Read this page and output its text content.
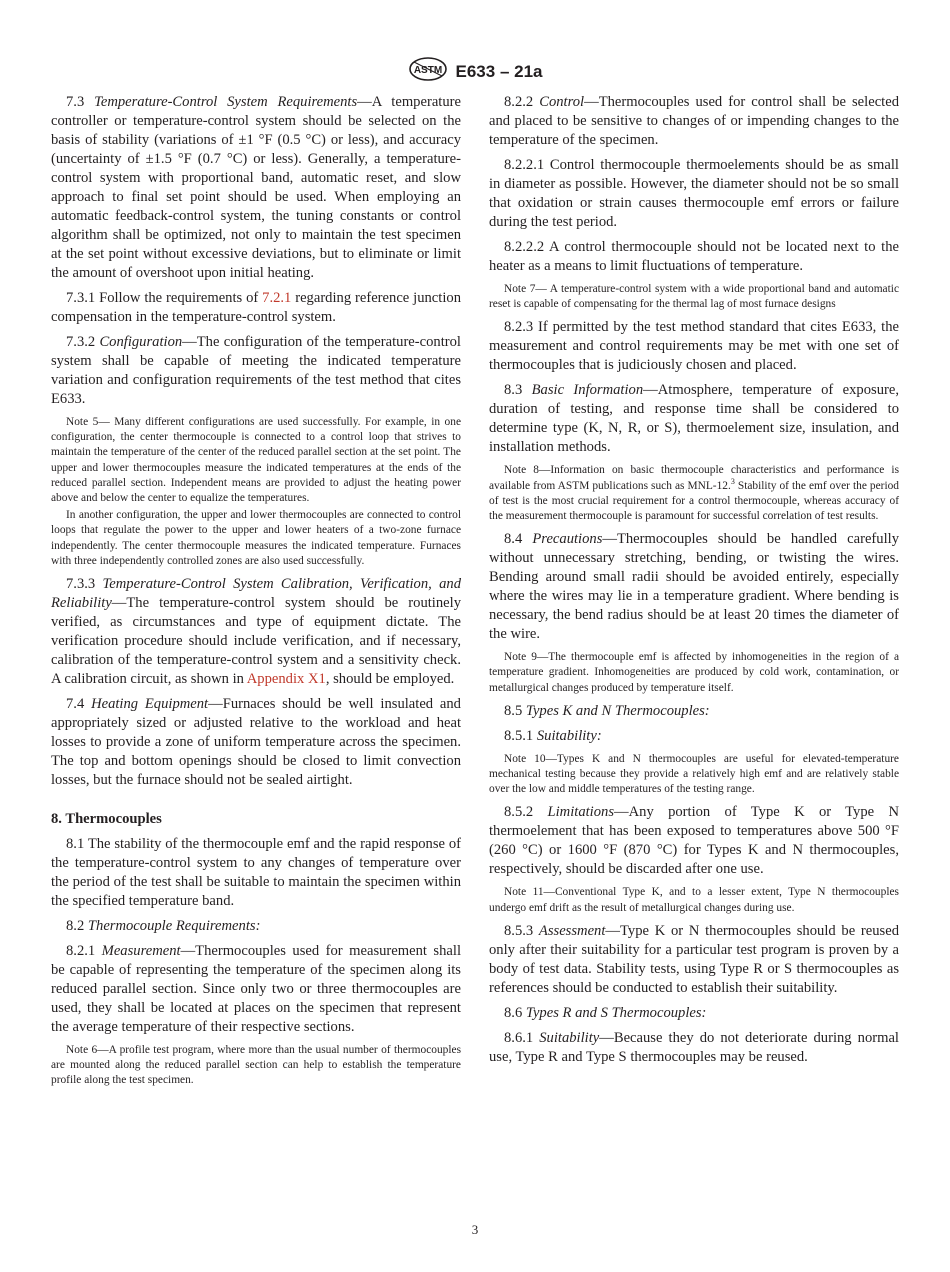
ASTM E633 – 21a

7.3 Temperature-Control System Requirements—A temperature controller or temperature-control system should be selected on the basis of stability (variations of ±1 °F (0.5 °C) or less), and accuracy (uncertainty of ±1.5 °F (0.7 °C) or less). Generally, a temperature-control system with proportional band, automatic reset, and slow approach to final set point should be used. When employing an automatic feedback-control system, the tuning constants or control algorithm shall be optimized, not only to maintain the test specimen at the set point without excessive deviations, but to eliminate or limit the amount of overshoot upon initial heating.

7.3.1 Follow the requirements of 7.2.1 regarding reference junction compensation in the temperature-control system.

7.3.2 Configuration—The configuration of the temperature-control system shall be capable of meeting the indicated temperature variation and configuration requirements of the test method that cites E633.

Note 5— Many different configurations are used successfully. For example, in one configuration, the center thermocouple is connected to a control loop that strives to maintain the temperature of the center of the reduced parallel section at the set point. The upper and lower thermocouples measure the indicated temperatures at the ends of the reduced parallel section. Independent means are provided to adjust the heating power above and below the center to equalize the temperatures.

In another configuration, the upper and lower thermocouples are connected to control loops that regulate the power to the upper and lower heaters of a two-zone furnace independently. The center thermocouple measures the indicated temperature. Furnaces with three independently controlled zones are also used successfully.

7.3.3 Temperature-Control System Calibration, Verification, and Reliability—The temperature-control system should be routinely verified, as circumstances and type of equipment dictate. The verification procedure should include verification, and if necessary, calibration of the temperature-control system and a sensitivity check. A calibration circuit, as shown in Appendix X1, should be employed.

7.4 Heating Equipment—Furnaces should be well insulated and appropriately sized or adjusted relative to the workload and heat losses to provide a zone of uniform temperature across the specimen. The top and bottom openings should be closed to limit convection losses, but the furnace should not be sealed airtight.

8. Thermocouples

8.1 The stability of the thermocouple emf and the rapid response of the temperature-control system to any changes of temperature over the period of the test shall be suitable to maintain the specimen within the specified temperature band.

8.2 Thermocouple Requirements:

8.2.1 Measurement—Thermocouples used for measurement shall be capable of representing the temperature of the specimen along its reduced parallel section. Since only two or three thermocouples are used, they shall be located at places on the specimen that represent the average temperature of their respective sections.

Note 6—A profile test program, where more than the usual number of thermocouples are mounted along the reduced parallel section can help to establish the temperature profile along the test specimen.

8.2.2 Control—Thermocouples used for control shall be selected and placed to be sensitive to changes of or impending changes to the temperature of the specimen.

8.2.2.1 Control thermocouple thermoelements should be as small in diameter as possible. However, the diameter should not be so small that oxidation or strain causes thermocouple emf errors or failure during the test period.

8.2.2.2 A control thermocouple should not be located next to the heater as a means to limit fluctuations of temperature.

Note 7— A temperature-control system with a wide proportional band and automatic reset is capable of compensating for the thermal lag of most furnace designs

8.2.3 If permitted by the test method standard that cites E633, the measurement and control requirements may be met with one set of thermocouples that is judiciously chosen and placed.

8.3 Basic Information—Atmosphere, temperature of exposure, duration of testing, and response time shall be considered to determine type (K, N, R, or S), thermoelement size, insulation, and installation methods.

Note 8—Information on basic thermocouple characteristics and performance is available from ASTM publications such as MNL-12.$^3$ Stability of the emf over the period of test is the most crucial requirement for a control thermocouple, whereas accuracy of the measurement thermocouple is paramount for successful correlation of test results.

8.4 Precautions—Thermocouples should be handled carefully without unnecessary stretching, bending, or twisting the wires. Bending around small radii should be avoided entirely, especially where the wires may lie in a temperature gradient. Where bending is necessary, the bend radius should be at least 20 times the diameter of the wire.

Note 9—The thermocouple emf is affected by inhomogeneities in the region of a temperature gradient. Inhomogeneities are produced by cold work, contamination, or metallurgical changes produced by temperature itself.

8.5 Types K and N Thermocouples:

8.5.1 Suitability:

Note 10—Types K and N thermocouples are useful for elevated-temperature mechanical testing because they provide a relatively high emf and are relatively stable over the low and middle temperatures of the testing range.

8.5.2 Limitations—Any portion of Type K or Type N thermoelement that has been exposed to temperatures above 500 °F (260 °C) or 1600 °F (870 °C) for Types K and N thermocouples, respectively, should be discarded after one use.

Note 11—Conventional Type K, and to a lesser extent, Type N thermocouples undergo emf drift as the result of metallurgical changes during use.

8.5.3 Assessment—Type K or N thermocouples should be reused only after their suitability for a particular test program is proven by a body of test data. Stability tests, using Type R or S thermocouples as references should be conducted to establish their suitability.

8.6 Types R and S Thermocouples:

8.6.1 Suitability—Because they do not deteriorate during normal use, Type R and Type S thermocouples may be reused.

3
